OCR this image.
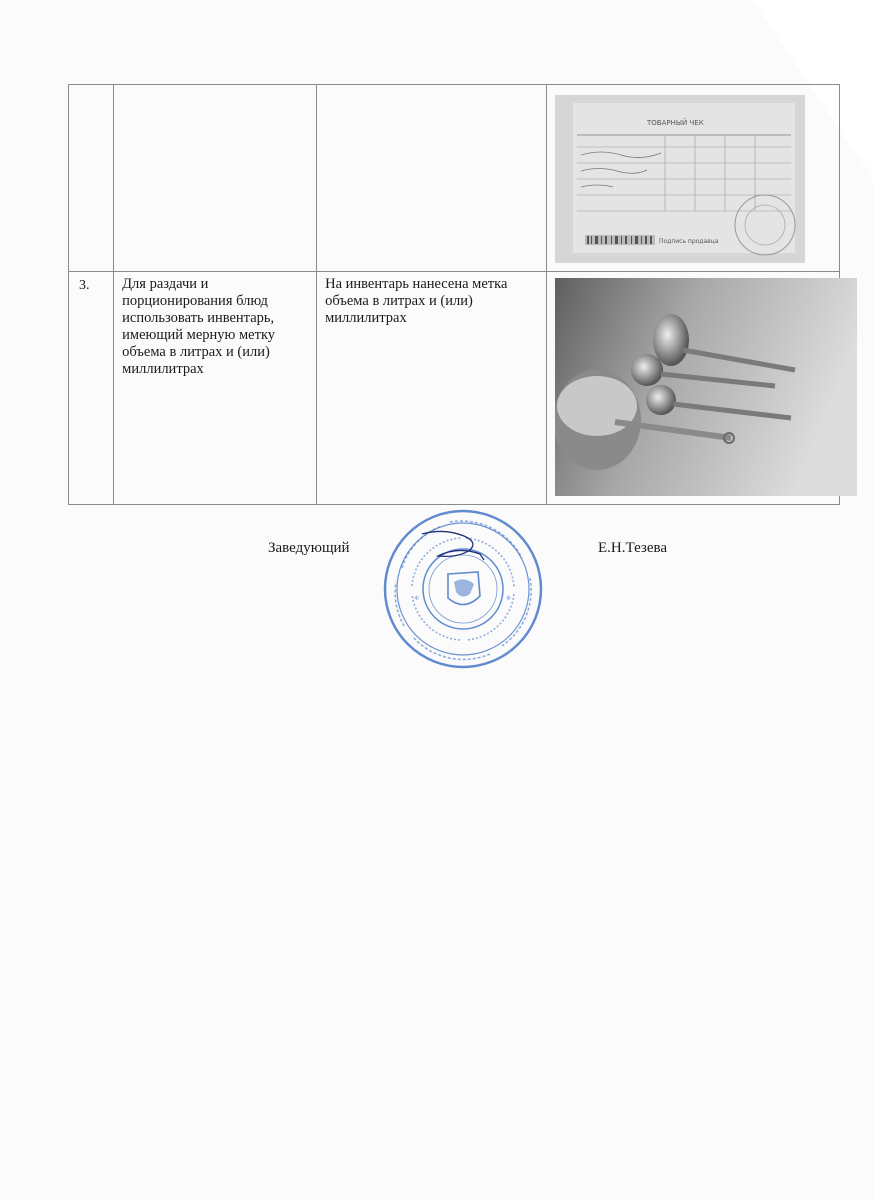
ТОВАРНЫЙ ЧЕК
Подпись продавца

3.	Для раздачи и порционирования блюд использовать инвентарь, имеющий мерную метку объема в литрах и (или) миллилитрах	На инвентарь нанесена метка объема в литрах и (или) миллилитрах	
Заведующий	Е.Н.Тезева
✻	✻
